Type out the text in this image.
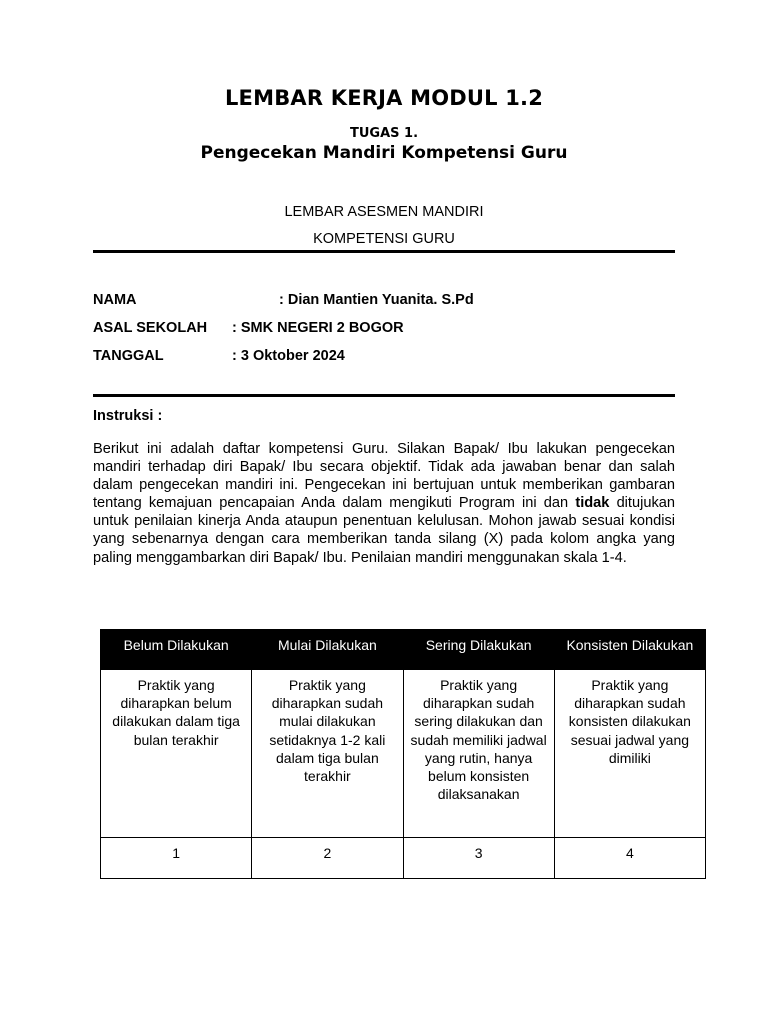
LEMBAR KERJA MODUL 1.2
TUGAS 1.
Pengecekan Mandiri Kompetensi Guru
LEMBAR ASESMEN MANDIRI
KOMPETENSI GURU
NAMA	: Dian Mantien Yuanita. S.Pd
ASAL SEKOLAH : SMK NEGERI 2 BOGOR
TANGGAL	: 3 Oktober 2024
Instruksi :
Berikut ini adalah daftar kompetensi Guru. Silakan Bapak/ Ibu lakukan pengecekan mandiri terhadap diri Bapak/ Ibu secara objektif. Tidak ada jawaban benar dan salah dalam pengecekan mandiri ini. Pengecekan ini bertujuan untuk memberikan gambaran tentang kemajuan pencapaian Anda dalam mengikuti Program ini dan tidak ditujukan untuk penilaian kinerja Anda ataupun penentuan kelulusan. Mohon jawab sesuai kondisi yang sebenarnya dengan cara memberikan tanda silang (X) pada kolom angka yang paling menggambarkan diri Bapak/ Ibu. Penilaian mandiri menggunakan skala 1-4.
Belum Dilakukan	Mulai Dilakukan	Sering Dilakukan	Konsisten Dilakukan
Praktik yang diharapkan belum dilakukan dalam tiga bulan terakhir	Praktik yang diharapkan sudah mulai dilakukan setidaknya 1-2 kali dalam tiga bulan terakhir	Praktik yang diharapkan sudah sering dilakukan dan sudah memiliki jadwal yang rutin, hanya belum konsisten dilaksanakan	Praktik yang diharapkan sudah konsisten dilakukan sesuai jadwal yang dimiliki
1	2	3	4
